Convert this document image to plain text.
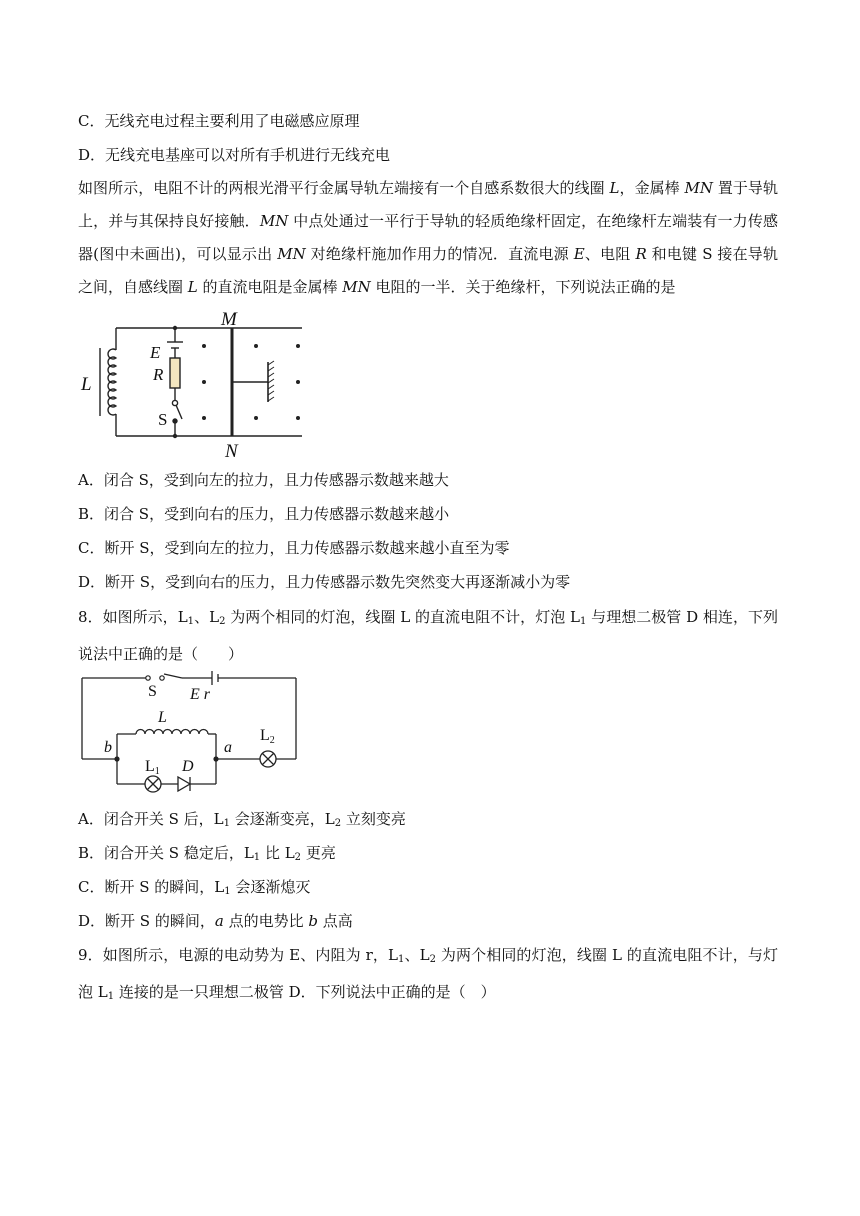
C．无线充电过程主要利用了电磁感应原理
D．无线充电基座可以对所有手机进行无线充电
如图所示，电阻不计的两根光滑平行金属导轨左端接有一个自感系数很大的线圈 L，金属棒 MN 置于导轨上，并与其保持良好接触．MN 中点处通过一平行于导轨的轻质绝缘杆固定，在绝缘杆左端装有一力传感器(图中未画出)，可以显示出 MN 对绝缘杆施加作用力的情况．直流电源 E、电阻 R 和电键 S 接在导轨之间，自感线圈 L 的直流电阻是金属棒 MN 电阻的一半．关于绝缘杆，下列说法正确的是
M
N
L
E
R
S
A．闭合 S，受到向左的拉力，且力传感器示数越来越大
B．闭合 S，受到向右的压力，且力传感器示数越来越小
C．断开 S，受到向左的拉力，且力传感器示数越来越小直至为零
D．断开 S，受到向右的压力，且力传感器示数先突然变大再逐渐减小为零
8．如图所示，$L_1$、$L_2$ 为两个相同的灯泡，线圈 L 的直流电阻不计，灯泡 $L_1$ 与理想二极管 D 相连，下列说法中正确的是（　　）
S E r
L
b	a
L1 D
L2
A．闭合开关 S 后，$L_1$ 会逐渐变亮，$L_2$ 立刻变亮
B．闭合开关 S 稳定后，$L_1$ 比 $L_2$ 更亮
C．断开 S 的瞬间，$L_1$ 会逐渐熄灭
D．断开 S 的瞬间，a 点的电势比 b 点高
9．如图所示，电源的电动势为 E、内阻为 r，$L_1$、$L_2$ 为两个相同的灯泡，线圈 L 的直流电阻不计，与灯泡 $L_1$ 连接的是一只理想二极管 D．下列说法中正确的是（　）
